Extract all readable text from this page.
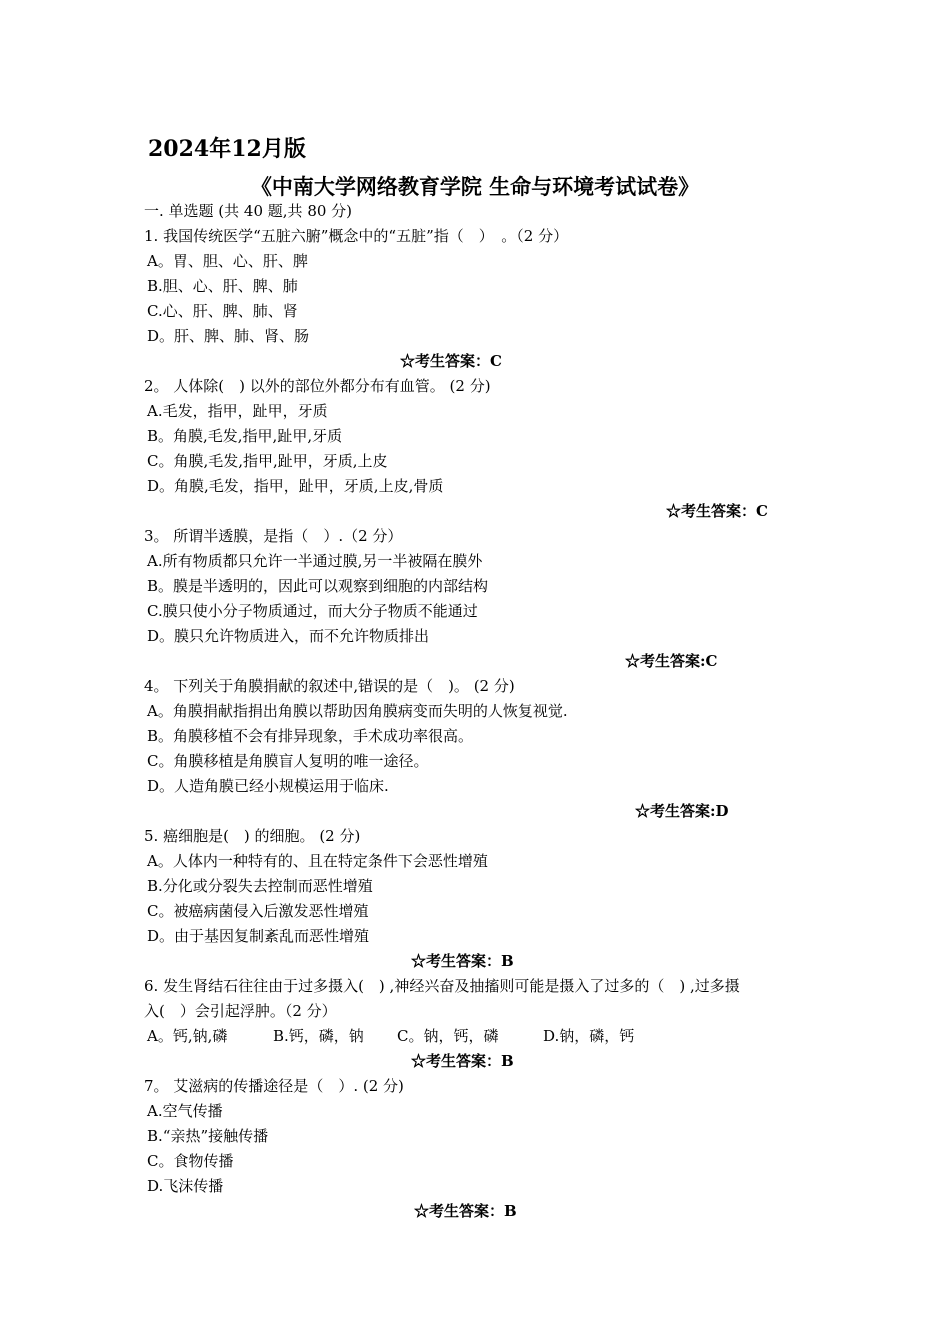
2024年12月版
《中南大学网络教育学院 生命与环境考试试卷》
一. 单选题 (共 40 题,共 80 分)
1. 我国传统医学“五脏六腑”概念中的“五脏”指（　）　。（2 分）
A。胃、胆、心、肝、脾
B.胆、心、肝、脾、肺
C.心、肝、脾、肺、肾
D。肝、脾、肺、肾、肠
☆考生答案：C
2。 人体除(　) 以外的部位外都分布有血管。 (2 分)
A.毛发，指甲，趾甲，牙质
B。角膜,毛发,指甲,趾甲,牙质
C。角膜,毛发,指甲,趾甲，牙质,上皮
D。角膜,毛发，指甲，趾甲，牙质,上皮,骨质
☆考生答案：C
3。 所谓半透膜，是指（　）.（2 分）
A.所有物质都只允许一半通过膜,另一半被隔在膜外
B。膜是半透明的，因此可以观察到细胞的内部结构
C.膜只使小分子物质通过，而大分子物质不能通过
D。膜只允许物质进入，而不允许物质排出
☆考生答案:C
4。 下列关于角膜捐献的叙述中,错误的是（　)。 (2 分)
A。角膜捐献指捐出角膜以帮助因角膜病变而失明的人恢复视觉.
B。角膜移植不会有排异现象，手术成功率很高。
C。角膜移植是角膜盲人复明的唯一途径。
D。人造角膜已经小规模运用于临床.
☆考生答案:D
5. 癌细胞是(　) 的细胞。 (2 分)
A。人体内一种特有的、且在特定条件下会恶性增殖
B.分化或分裂失去控制而恶性增殖
C。被癌病菌侵入后激发恶性增殖
D。由于基因复制紊乱而恶性增殖
☆考生答案：B
6. 发生肾结石往往由于过多摄入(　) ,神经兴奋及抽搐则可能是摄入了过多的（　) ,过多摄
入(　）会引起浮肿。（2 分）
A。钙,钠,磷	B.钙，磷，钠 C。钠，钙，磷	D.钠，磷，钙
☆考生答案：B
7。 艾滋病的传播途径是（　）. (2 分)
A.空气传播
B.“亲热”接触传播
C。食物传播
D.飞沫传播
☆考生答案：B
